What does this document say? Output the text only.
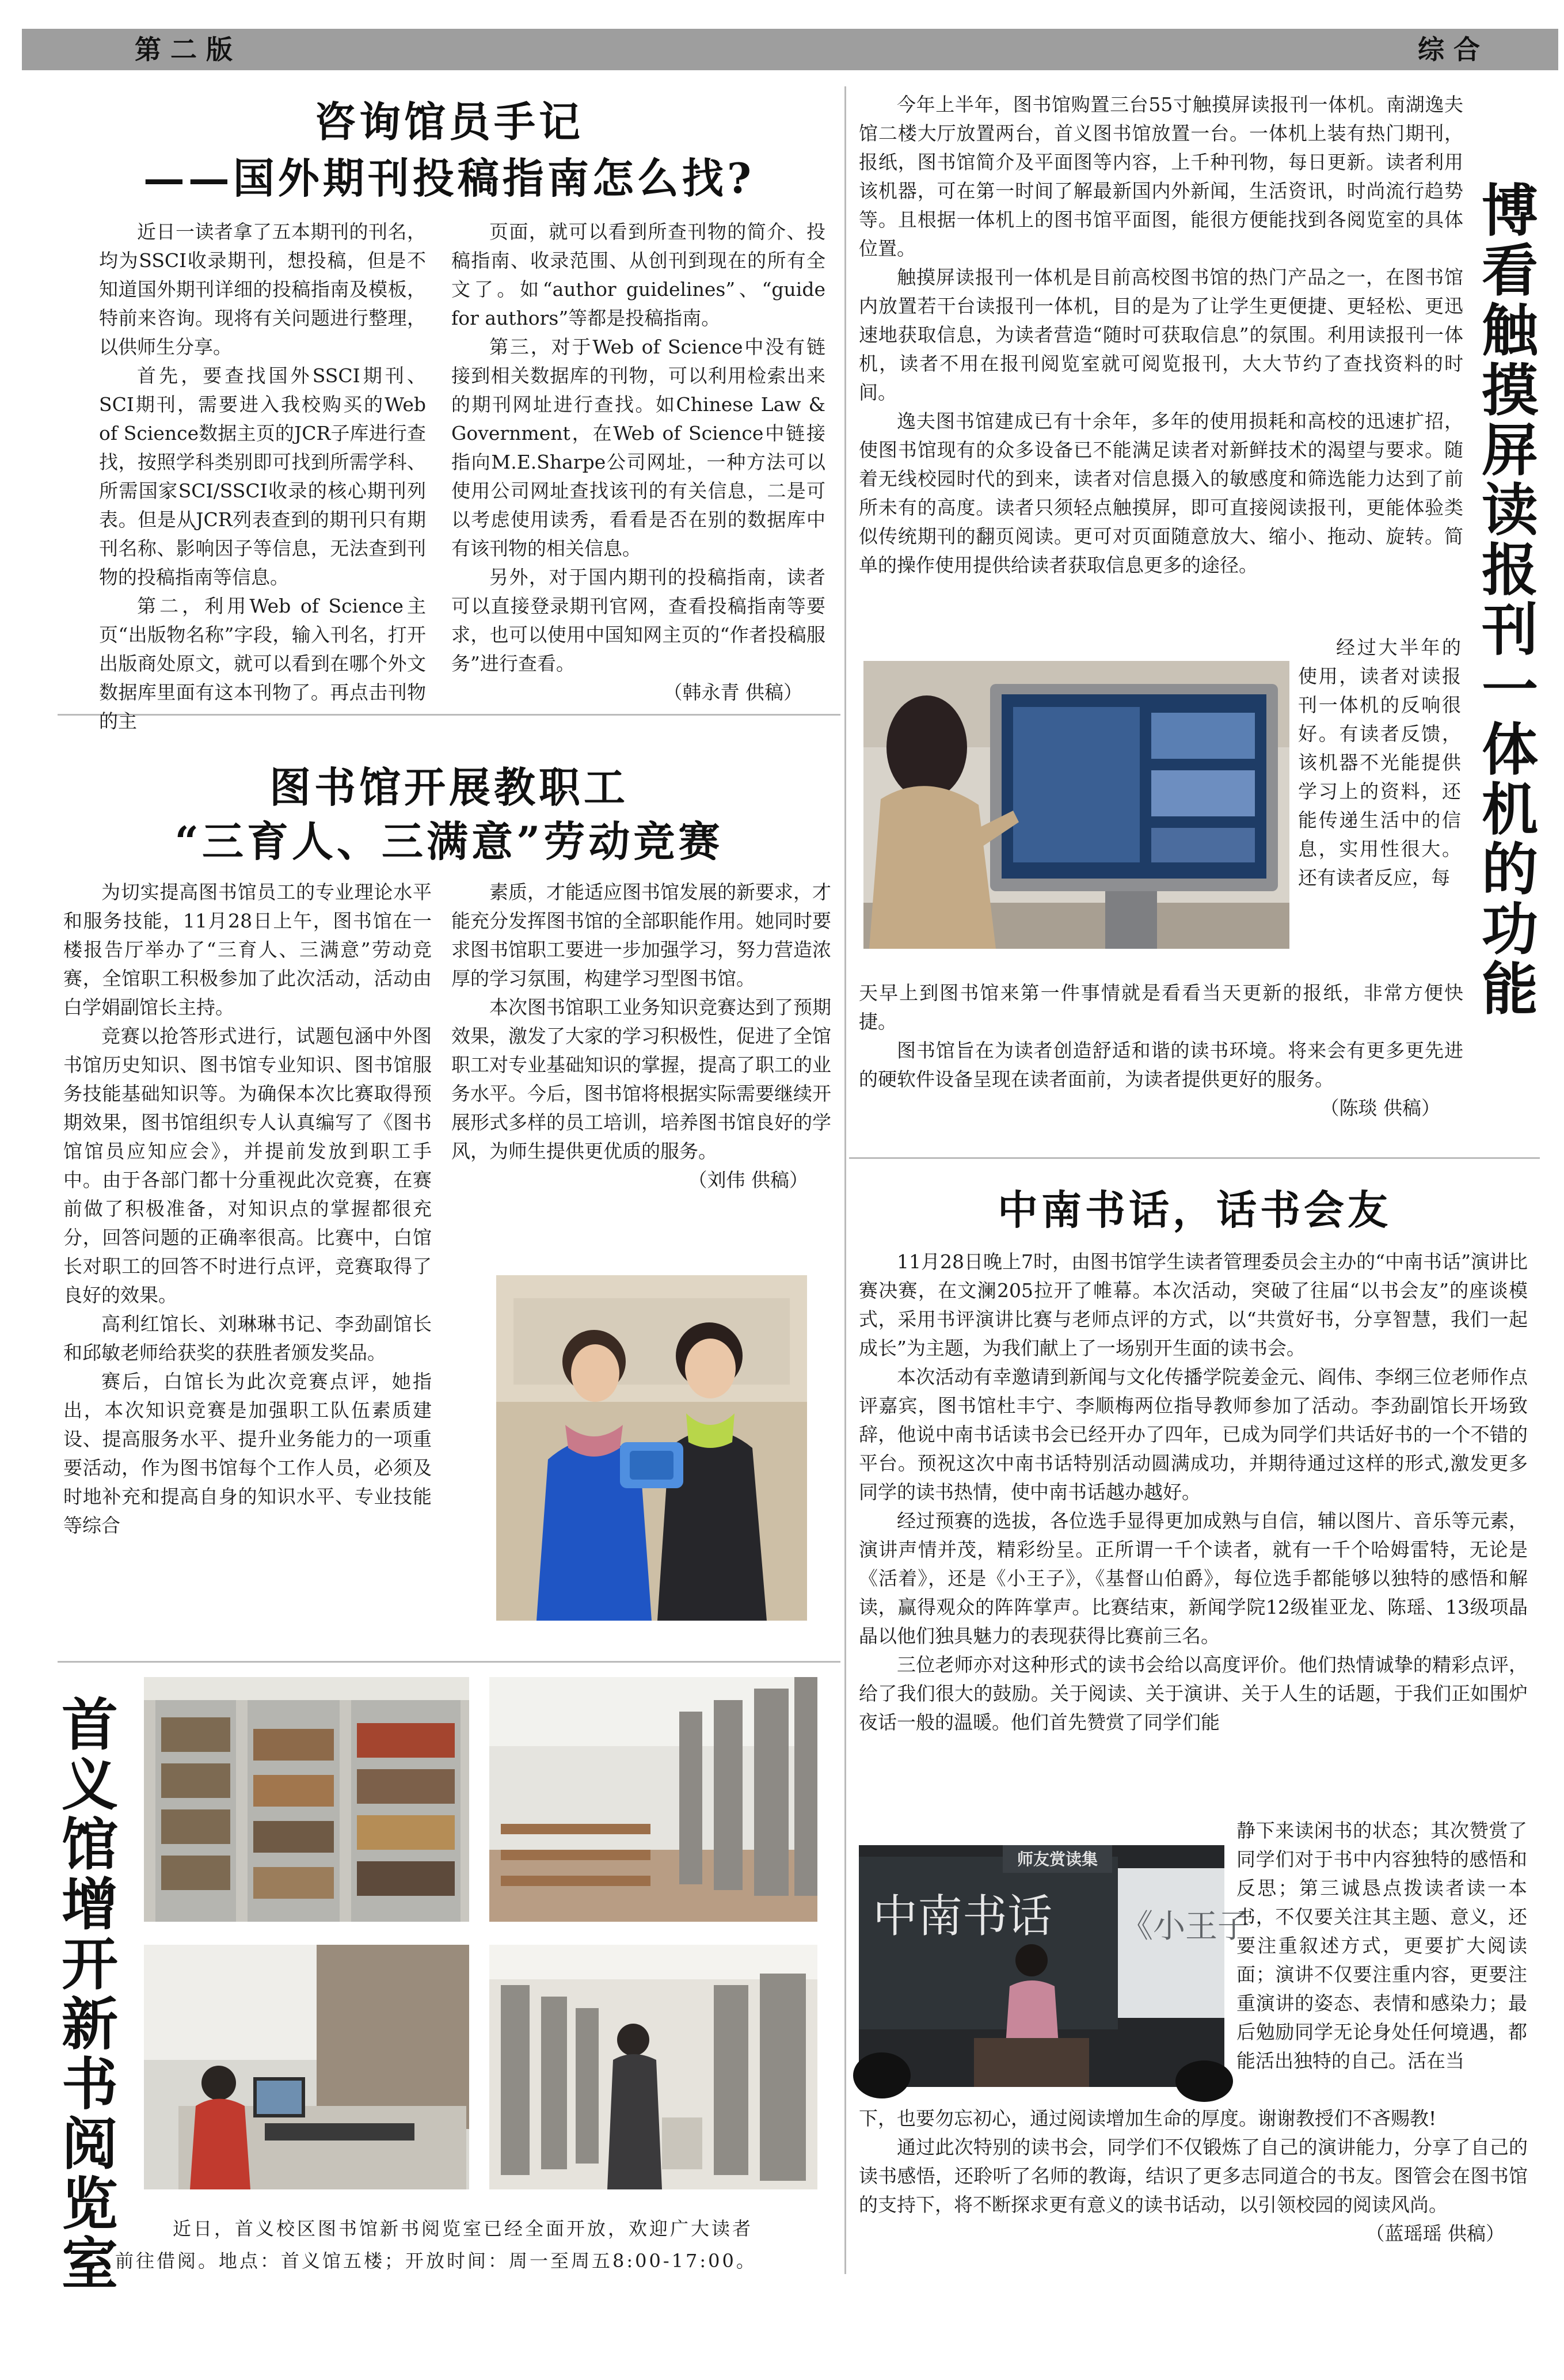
第二版	综合
咨询馆员手记
——国外期刊投稿指南怎么找?

近日一读者拿了五本期刊的刊名，均为SSCI收录期刊，想投稿，但是不知道国外期刊详细的投稿指南及模板，特前来咨询。现将有关问题进行整理，以供师生分享。

首先，要查找国外SSCI期刊、SCI期刊，需要进入我校购买的Web of Science数据主页的JCR子库进行查找，按照学科类别即可找到所需学科、所需国家SCI/SSCI收录的核心期刊列表。但是从JCR列表查到的期刊只有期刊名称、影响因子等信息，无法查到刊物的投稿指南等信息。

第二，利用Web of Science主页“出版物名称”字段，输入刊名，打开出版商处原文，就可以看到在哪个外文数据库里面有这本刊物了。再点击刊物的主

页面，就可以看到所查刊物的简介、投稿指南、收录范围、从创刊到现在的所有全文了。如“author guidelines”、“guide for authors”等都是投稿指南。

第三，对于Web of Science中没有链接到相关数据库的刊物，可以利用检索出来的期刊网址进行查找。如Chinese Law & Government，在Web of Science中链接指向M.E.Sharpe公司网址，一种方法可以使用公司网址查找该刊的有关信息，二是可以考虑使用读秀，看看是否在别的数据库中有该刊物的相关信息。

另外，对于国内期刊的投稿指南，读者可以直接登录期刊官网，查看投稿指南等要求，也可以使用中国知网主页的“作者投稿服务”进行查看。

（韩永青 供稿）

图书馆开展教职工
“三育人、三满意”劳动竞赛

为切实提高图书馆员工的专业理论水平和服务技能，11月28日上午，图书馆在一楼报告厅举办了“三育人、三满意”劳动竞赛，全馆职工积极参加了此次活动，活动由白学娟副馆长主持。

竞赛以抢答形式进行，试题包涵中外图书馆历史知识、图书馆专业知识、图书馆服务技能基础知识等。为确保本次比赛取得预期效果，图书馆组织专人认真编写了《图书馆馆员应知应会》，并提前发放到职工手中。由于各部门都十分重视此次竞赛，在赛前做了积极准备，对知识点的掌握都很充分，回答问题的正确率很高。比赛中，白馆长对职工的回答不时进行点评，竞赛取得了良好的效果。

高利红馆长、刘琳琳书记、李劲副馆长和邱敏老师给获奖的获胜者颁发奖品。

赛后，白馆长为此次竞赛点评，她指出，本次知识竞赛是加强职工队伍素质建设、提高服务水平、提升业务能力的一项重要活动，作为图书馆每个工作人员，必须及时地补充和提高自身的知识水平、专业技能等综合

素质，才能适应图书馆发展的新要求，才能充分发挥图书馆的全部职能作用。她同时要求图书馆职工要进一步加强学习，努力营造浓厚的学习氛围，构建学习型图书馆。

本次图书馆职工业务知识竞赛达到了预期效果，激发了大家的学习积极性，促进了全馆职工对专业基础知识的掌握，提高了职工的业务水平。今后，图书馆将根据实际需要继续开展形式多样的员工培训，培养图书馆良好的学风，为师生提供更优质的服务。

（刘伟 供稿）

首义馆增开新书阅览室

近日，首义校区图书馆新书阅览室已经全面开放，欢迎广大读者

前往借阅。地点：首义馆五楼；开放时间：周一至周五8:00-17:00。

今年上半年，图书馆购置三台55寸触摸屏读报刊一体机。南湖逸夫馆二楼大厅放置两台，首义图书馆放置一台。一体机上装有热门期刊，报纸，图书馆简介及平面图等内容，上千种刊物，每日更新。读者利用该机器，可在第一时间了解最新国内外新闻，生活资讯，时尚流行趋势等。且根据一体机上的图书馆平面图，能很方便能找到各阅览室的具体位置。

触摸屏读报刊一体机是目前高校图书馆的热门产品之一，在图书馆内放置若干台读报刊一体机，目的是为了让学生更便捷、更轻松、更迅速地获取信息，为读者营造“随时可获取信息”的氛围。利用读报刊一体机，读者不用在报刊阅览室就可阅览报刊，大大节约了查找资料的时间。

逸夫图书馆建成已有十余年，多年的使用损耗和高校的迅速扩招，使图书馆现有的众多设备已不能满足读者对新鲜技术的渴望与要求。随着无线校园时代的到来，读者对信息摄入的敏感度和筛选能力达到了前所未有的高度。读者只须轻点触摸屏，即可直接阅读报刊，更能体验类似传统期刊的翻页阅读。更可对页面随意放大、缩小、拖动、旋转。简单的操作使用提供给读者获取信息更多的途径。

博看触摸屏读报刊一体机的功能

经过大半年的使用，读者对读报刊一体机的反响很好。有读者反馈，该机器不光能提供学习上的资料，还能传递生活中的信息，实用性很大。还有读者反应，每

天早上到图书馆来第一件事情就是看看当天更新的报纸，非常方便快捷。

图书馆旨在为读者创造舒适和谐的读书环境。将来会有更多更先进的硬软件设备呈现在读者面前，为读者提供更好的服务。

（陈琰 供稿）

中南书话，话书会友

11月28日晚上7时，由图书馆学生读者管理委员会主办的“中南书话”演讲比赛决赛，在文澜205拉开了帷幕。本次活动，突破了往届“以书会友”的座谈模式，采用书评演讲比赛与老师点评的方式，以“共赏好书，分享智慧，我们一起成长”为主题，为我们献上了一场别开生面的读书会。

本次活动有幸邀请到新闻与文化传播学院姜金元、阎伟、李纲三位老师作点评嘉宾，图书馆杜丰宁、李顺梅两位指导教师参加了活动。李劲副馆长开场致辞，他说中南书话读书会已经开办了四年，已成为同学们共话好书的一个不错的平台。预祝这次中南书话特别活动圆满成功，并期待通过这样的形式,激发更多同学的读书热情，使中南书话越办越好。

经过预赛的选拔，各位选手显得更加成熟与自信，辅以图片、音乐等元素，演讲声情并茂，精彩纷呈。正所谓一千个读者，就有一千个哈姆雷特，无论是《活着》，还是《小王子》，《基督山伯爵》，每位选手都能够以独特的感悟和解读，赢得观众的阵阵掌声。比赛结束，新闻学院12级崔亚龙、陈瑶、13级项晶晶以他们独具魅力的表现获得比赛前三名。

三位老师亦对这种形式的读书会给以高度评价。他们热情诚挚的精彩点评，给了我们很大的鼓励。关于阅读、关于演讲、关于人生的话题，于我们正如围炉夜话一般的温暖。他们首先赞赏了同学们能

师友赏读集
中南书话 《小王子

静下来读闲书的状态；其次赞赏了同学们对于书中内容独特的感悟和反思；第三诚恳点拨读者读一本书，不仅要关注其主题、意义，还要注重叙述方式，更要扩大阅读面；演讲不仅要注重内容，更要注重演讲的姿态、表情和感染力；最后勉励同学无论身处任何境遇，都能活出独特的自己。活在当

下，也要勿忘初心，通过阅读增加生命的厚度。谢谢教授们不吝赐教!

通过此次特别的读书会，同学们不仅锻炼了自己的演讲能力，分享了自己的读书感悟，还聆听了名师的教诲，结识了更多志同道合的书友。图管会在图书馆的支持下，将不断探求更有意义的读书话动，以引领校园的阅读风尚。

（蓝瑶瑶 供稿）
